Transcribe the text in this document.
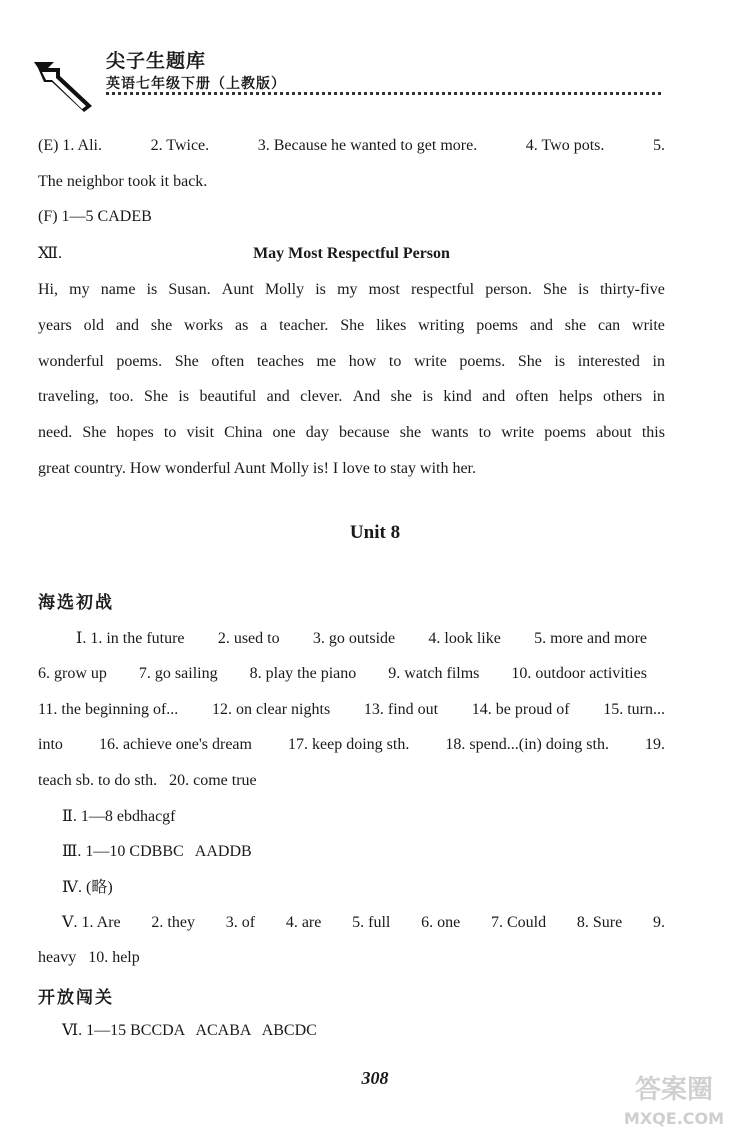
尖子生题库
英语七年级下册（上教版）
(E) 1. Ali.	2. Twice.	3. Because he wanted to get more.	4. Two pots.	5.
The neighbor took it back.
(F) 1—5 CADEB
Ⅻ.	May Most Respectful Person
Hi, my name is Susan. Aunt Molly is my most respectful person. She is thirty-five
years old and she works as a teacher. She likes writing poems and she can write
wonderful poems. She often teaches me how to write poems. She is interested in
traveling, too. She is beautiful and clever. And she is kind and often helps others in
need. She hopes to visit China one day because she wants to write poems about this
great country. How wonderful Aunt Molly is! I love to stay with her.
Unit 8
海选初战
Ⅰ. 1. in the future 2. used to 3. go outside 4. look like 5. more and more
6. grow up 7. go sailing 8. play the piano 9. watch films 10. outdoor activities
11. the beginning of... 12. on clear nights 13. find out 14. be proud of 15. turn...
into 16. achieve one's dream 17. keep doing sth. 18. spend...(in) doing sth. 19.
teach sb. to do sth.   20. come true
Ⅱ. 1—8 ebdhacgf
Ⅲ. 1—10 CDBBC   AADDB
Ⅳ. (略)
Ⅴ. 1. Are 2. they 3. of 4. are 5. full 6. one 7. Could 8. Sure 9.
heavy   10. help
开放闯关
Ⅵ. 1—15 BCCDA   ACABA   ABCDC
308	答案圈
MXQE.COM
